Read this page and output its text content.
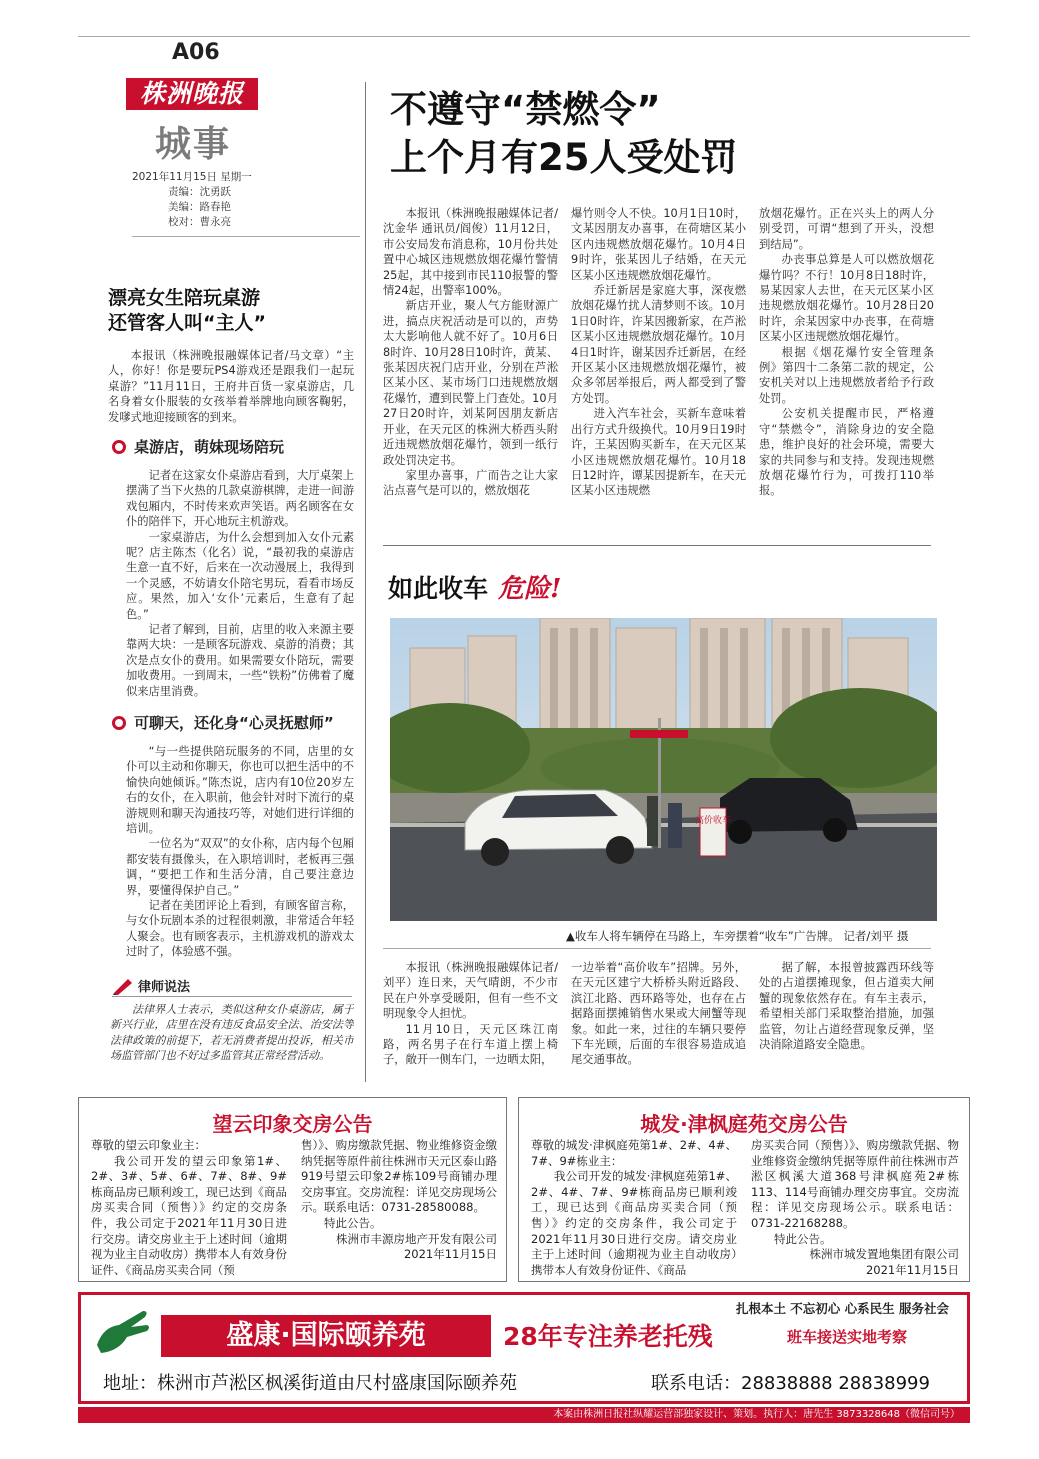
A06
株洲晚报
城事
2021年11月15日 星期一
责编：沈勇跃
美编：路春艳
校对：曹永亮
不遵守“禁燃令”
上个月有25人受处罚

本报讯（株洲晚报融媒体记者/沈金华 通讯员/阎俊）11月12日，市公安局发布消息称，10月份共处置中心城区违规燃放烟花爆竹警情25起，其中接到市民110报警的警情24起，出警率100%。

新店开业，聚人气方能财源广进，搞点庆祝活动是可以的，声势太大影响他人就不好了。10月6日8时许、10月28日10时许，黄某、张某因庆祝门店开业，分别在芦淞区某小区、某市场门口违规燃放烟花爆竹，遭到民警上门查处。10月27日20时许，刘某阿因朋友新店开业，在天元区的株洲大桥西头附近违规燃放烟花爆竹，领到一纸行政处罚决定书。

家里办喜事，广而告之让大家沾点喜气是可以的，燃放烟花

爆竹则令人不快。10月1日10时，文某因朋友办喜事，在荷塘区某小区内违规燃放烟花爆竹。10月4日9时许，张某因儿子结婚，在天元区某小区违规燃放烟花爆竹。

乔迁新居是家庭大事，深夜燃放烟花爆竹扰人清梦则不该。10月1日0时许，许某因搬新家，在芦淞区某小区违规燃放烟花爆竹。10月4日1时许，谢某因乔迁新居，在经开区某小区违规燃放烟花爆竹，被众多邻居举报后，两人都受到了警方处罚。

进入汽车社会，买新车意味着出行方式升级换代。10月9日19时许，王某因购买新车，在天元区某小区违规燃放烟花爆竹。10月18日12时许，谭某因提新车，在天元区某小区违规燃

放烟花爆竹。正在兴头上的两人分别受罚，可谓“想到了开头，没想到结局”。

办丧事总算是人可以燃放烟花爆竹吗？不行！10月8日18时许，易某因家人去世，在天元区某小区违规燃放烟花爆竹。10月28日20时许，余某因家中办丧事，在荷塘区某小区违规燃放烟花爆竹。

根据《烟花爆竹安全管理条例》第四十二条第二款的规定，公安机关对以上违规燃放者给予行政处罚。

公安机关提醒市民，严格遵守“禁燃令”，消除身边的安全隐患，维护良好的社会环境，需要大家的共同参与和支持。发现违规燃放烟花爆竹行为，可拨打110举报。

漂亮女生陪玩桌游
还管客人叫“主人”

本报讯（株洲晚报融媒体记者/马文章）“主人，你好！你是要玩PS4游戏还是跟我们一起玩桌游？”11月11日，王府井百货一家桌游店，几名身着女仆服装的女孩举着举牌地向顾客鞠躬，发嗲式地迎接顾客的到来。

桌游店，萌妹现场陪玩

记者在这家女仆桌游店看到，大厅桌架上摆满了当下火热的几款桌游棋牌，走进一间游戏包厢内，不时传来欢声笑语。两名顾客在女仆的陪伴下，开心地玩主机游戏。

一家桌游店，为什么会想到加入女仆元素呢？店主陈杰（化名）说，“最初我的桌游店生意一直不好，后来在一次动漫展上，我得到一个灵感，不妨请女仆陪宅男玩，看看市场反应。果然，加入‘女仆’元素后，生意有了起色。”

记者了解到，目前，店里的收入来源主要靠两大块：一是顾客玩游戏、桌游的消费；其次是点女仆的费用。如果需要女仆陪玩，需要加收费用。一到周末，一些“铁粉”仿佛着了魔似来店里消费。

可聊天，还化身“心灵抚慰师”

“与一些提供陪玩服务的不同，店里的女仆可以主动和你聊天，你也可以把生活中的不愉快向她倾诉。”陈杰说，店内有10位20岁左右的女仆，在入职前，他会针对时下流行的桌游规则和聊天沟通技巧等，对她们进行详细的培训。

一位名为“双双”的女仆称，店内每个包厢都安装有摄像头，在入职培训时，老板再三强调，“要把工作和生活分清，自己要注意边界，要懂得保护自己。”

记者在美团评论上看到，有顾客留言称，与女仆玩剧本杀的过程很刺激，非常适合年轻人聚会。也有顾客表示，主机游戏机的游戏太过时了，体验感不强。

律师说法

法律界人士表示，类似这种女仆桌游店，属于新兴行业，店里在没有违反食品安全法、治安法等法律政策的前提下，若无消费者提出投诉，相关市场监管部门也不好过多监管其正常经营活动。

如此收车 危险!
高价收车
▲收车人将车辆停在马路上，车旁摆着“收车”广告牌。 记者/刘平 摄

本报讯（株洲晚报融媒体记者/刘平）连日来，天气晴朗，不少市民在户外享受暖阳，但有一些不文明现象令人担忧。

11月10日，天元区珠江南路，两名男子在行车道上摆上椅子，敞开一侧车门，一边晒太阳，

一边举着“高价收车”招牌。另外，在天元区建宁大桥桥头附近路段、滨江北路、西环路等处，也存在占据路面摆摊销售水果或大闸蟹等现象。如此一来，过往的车辆只要停下车光顾，后面的车很容易造成追尾交通事故。

据了解，本报曾披露西环线等处的占道摆摊现象，但占道卖大闸蟹的现象依然存在。有车主表示，希望相关部门采取整治措施，加强监管，勿让占道经营现象反弹，坚决消除道路安全隐患。

望云印象交房公告

尊敬的望云印象业主：

我公司开发的望云印象第1#、2#、3#、5#、6#、7#、8#、9#栋商品房已顺利竣工，现已达到《商品房买卖合同（预售）》约定的交房条件，我公司定于2021年11月30日进行交房。请交房业主于上述时间（逾期视为业主自动收房）携带本人有效身份证件、《商品房买卖合同（预

售）》、购房缴款凭据、物业维修资金缴纳凭据等原件前往株洲市天元区泰山路919号望云印象2#栋109号商铺办理交房事宜。交房流程：详见交房现场公示。联系电话：0731-28580088。

特此公告。

株洲市丰源房地产开发有限公司
2021年11月15日
城发·津枫庭苑交房公告

尊敬的城发·津枫庭苑第1#、2#、4#、7#、9#栋业主：

我公司开发的城发·津枫庭苑第1#、2#、4#、7#、9#栋商品房已顺利竣工，现已达到《商品房买卖合同（预售）》约定的交房条件，我公司定于2021年11月30日进行交房。请交房业主于上述时间（逾期视为业主自动收房）携带本人有效身份证件、《商品

房买卖合同（预售）》、购房缴款凭据、物业维修资金缴纳凭据等原件前往株洲市芦淞区枫溪大道368号津枫庭苑2#栋113、114号商铺办理交房事宜。交房流程：详见交房现场公示。联系电话：0731-22168288。

特此公告。

株洲市城发置地集团有限公司
2021年11月15日
扎根本土 不忘初心 心系民生 服务社会
盛康·国际颐养苑	28年专注养老托残	班车接送实地考察
地址：株洲市芦淞区枫溪街道由尺村盛康国际颐养苑	联系电话：28838888 28838999
本案由株洲日报社纵耀运营部独家设计、策划。执行人：唐先生 3873328648（微信司号）
